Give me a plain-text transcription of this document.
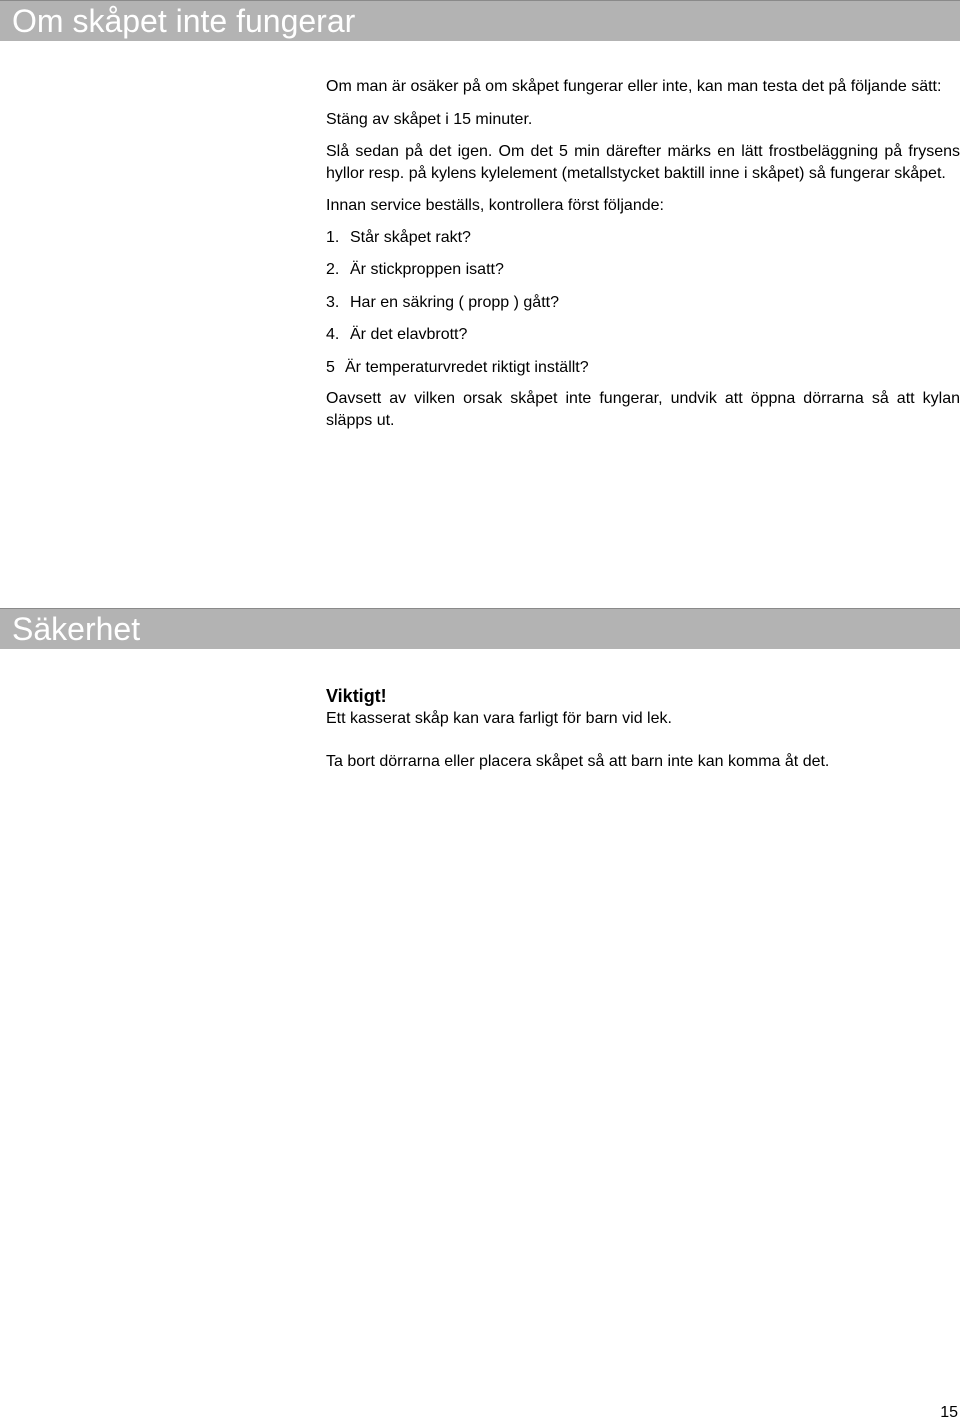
Om skåpet inte fungerar

Om man är osäker på om skåpet fungerar eller inte, kan man testa det på följande sätt:

Stäng av skåpet i 15 minuter.

Slå sedan på det igen. Om det 5 min därefter märks en lätt frostbeläggning på frysens hyllor resp. på kylens kylelement (metallstycket baktill inne i skåpet) så fungerar skåpet.

Innan service beställs, kontrollera först följande:

1. Står skåpet rakt?
2. Är stickproppen isatt?
3. Har en säkring ( propp ) gått?
4. Är det elavbrott?
5 Är temperaturvredet riktigt inställt?

Oavsett av vilken orsak skåpet inte fungerar, undvik att öppna dörrarna så att kylan släpps ut.

Säkerhet

Viktigt!

Ett kasserat skåp kan vara farligt för barn vid lek.

Ta bort dörrarna eller placera skåpet så att barn inte kan komma åt det.

15
